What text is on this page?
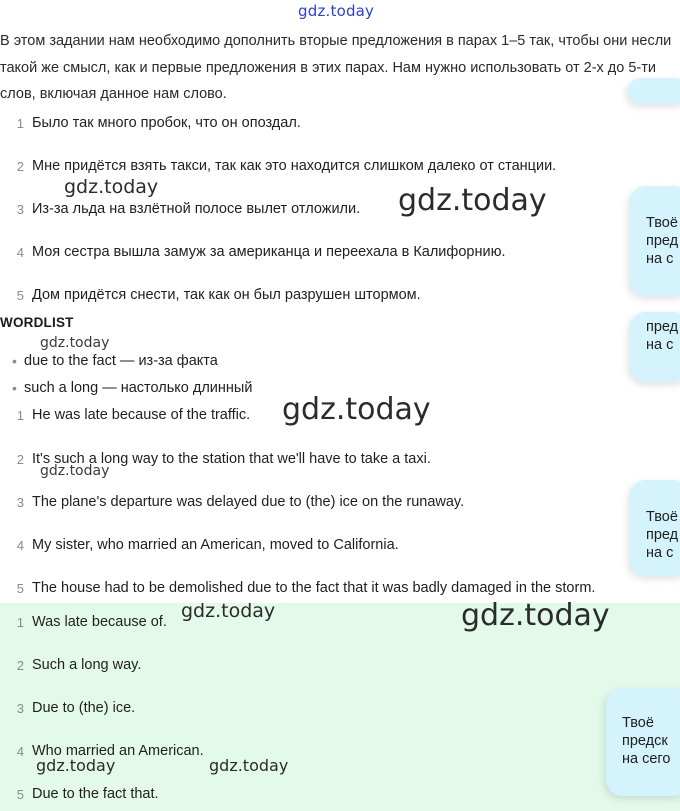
gdz.today
В этом задании нам необходимо дополнить вторые предложения в парах 1–5 так, чтобы они несли такой же смысл, как и первые предложения в этих парах. Нам нужно использовать от 2-х до 5-ти слов, включая данное нам слово.
1 Было так много пробок, что он опоздал.
2 Мне придётся взять такси, так как это находится слишком далеко от станции.
3 Из-за льда на взлётной полосе вылет отложили.
4 Моя сестра вышла замуж за американца и переехала в Калифорнию.
5 Дом придётся снести, так как он был разрушен штормом.
WORDLIST
• due to the fact — из-за факта
• such a long — настолько длинный
1 He was late because of the traffic.
2 It's such a long way to the station that we'll have to take a taxi.
3 The plane's departure was delayed due to (the) ice on the runaway.
4 My sister, who married an American, moved to California.
5 The house had to be demolished due to the fact that it was badly damaged in the storm.
1 Was late because of.
2 Such a long way.
3 Due to (the) ice.
4 Who married an American.
5 Due to the fact that.
Твоё
пред
на с
пред
на с
Твоё
пред
на с
Твоё
предск
на сего
gdz.today	gdz.today
gdz.today
gdz.today
gdz.today
gdz.today	gdz.today
gdz.today	gdz.today
